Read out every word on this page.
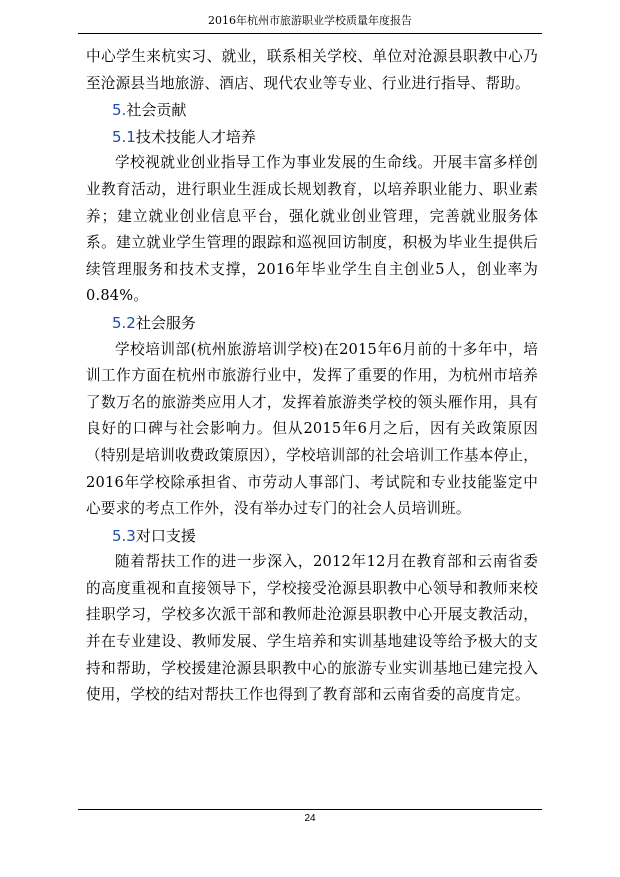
2016年杭州市旅游职业学校质量年度报告

中心学生来杭实习、就业，联系相关学校、单位对沧源县职教中心乃至沧源县当地旅游、酒店、现代农业等专业、行业进行指导、帮助。

5.社会贡献

5.1技术技能人才培养

学校视就业创业指导工作为事业发展的生命线。开展丰富多样创业教育活动，进行职业生涯成长规划教育，以培养职业能力、职业素养；建立就业创业信息平台，强化就业创业管理，完善就业服务体系。建立就业学生管理的跟踪和巡视回访制度，积极为毕业生提供后续管理服务和技术支撑，2016年毕业学生自主创业5人，创业率为0.84%。

5.2社会服务

学校培训部(杭州旅游培训学校)在2015年6月前的十多年中，培训工作方面在杭州市旅游行业中，发挥了重要的作用，为杭州市培养了数万名的旅游类应用人才，发挥着旅游类学校的领头雁作用，具有良好的口碑与社会影响力。但从2015年6月之后，因有关政策原因（特别是培训收费政策原因），学校培训部的社会培训工作基本停止，2016年学校除承担省、市劳动人事部门、考试院和专业技能鉴定中心要求的考点工作外，没有举办过专门的社会人员培训班。

5.3对口支援

随着帮扶工作的进一步深入，2012年12月在教育部和云南省委的高度重视和直接领导下，学校接受沧源县职教中心领导和教师来校挂职学习，学校多次派干部和教师赴沧源县职教中心开展支教活动，并在专业建设、教师发展、学生培养和实训基地建设等给予极大的支持和帮助，学校援建沧源县职教中心的旅游专业实训基地已建完投入使用，学校的结对帮扶工作也得到了教育部和云南省委的高度肯定。

24
